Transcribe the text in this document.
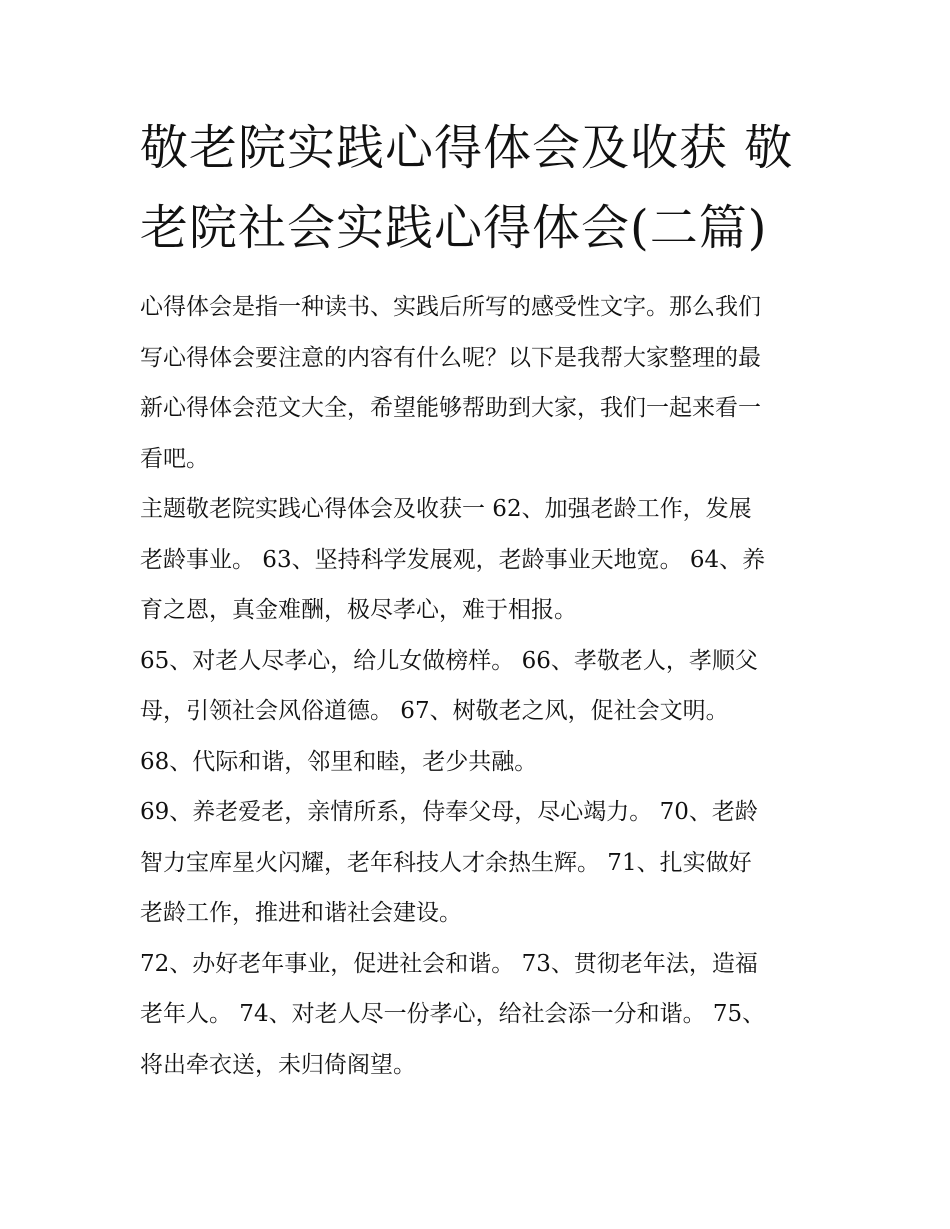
敬老院实践心得体会及收获 敬
老院社会实践心得体会(二篇)

心得体会是指一种读书、实践后所写的感受性文字。那么我们
写心得体会要注意的内容有什么呢？以下是我帮大家整理的最
新心得体会范文大全，希望能够帮助到大家，我们一起来看一
看吧。

主题敬老院实践心得体会及收获一 62、加强老龄工作，发展
老龄事业。 63、坚持科学发展观，老龄事业天地宽。 64、养
育之恩，真金难酬，极尽孝心，难于相报。

65、对老人尽孝心，给儿女做榜样。 66、孝敬老人，孝顺父
母，引领社会风俗道德。 67、树敬老之风，促社会文明。

68、代际和谐，邻里和睦，老少共融。

69、养老爱老，亲情所系，侍奉父母，尽心竭力。 70、老龄
智力宝库星火闪耀，老年科技人才余热生辉。 71、扎实做好
老龄工作，推进和谐社会建设。

72、办好老年事业，促进社会和谐。 73、贯彻老年法，造福
老年人。 74、对老人尽一份孝心，给社会添一分和谐。 75、
将出牵衣送，未归倚阁望。
